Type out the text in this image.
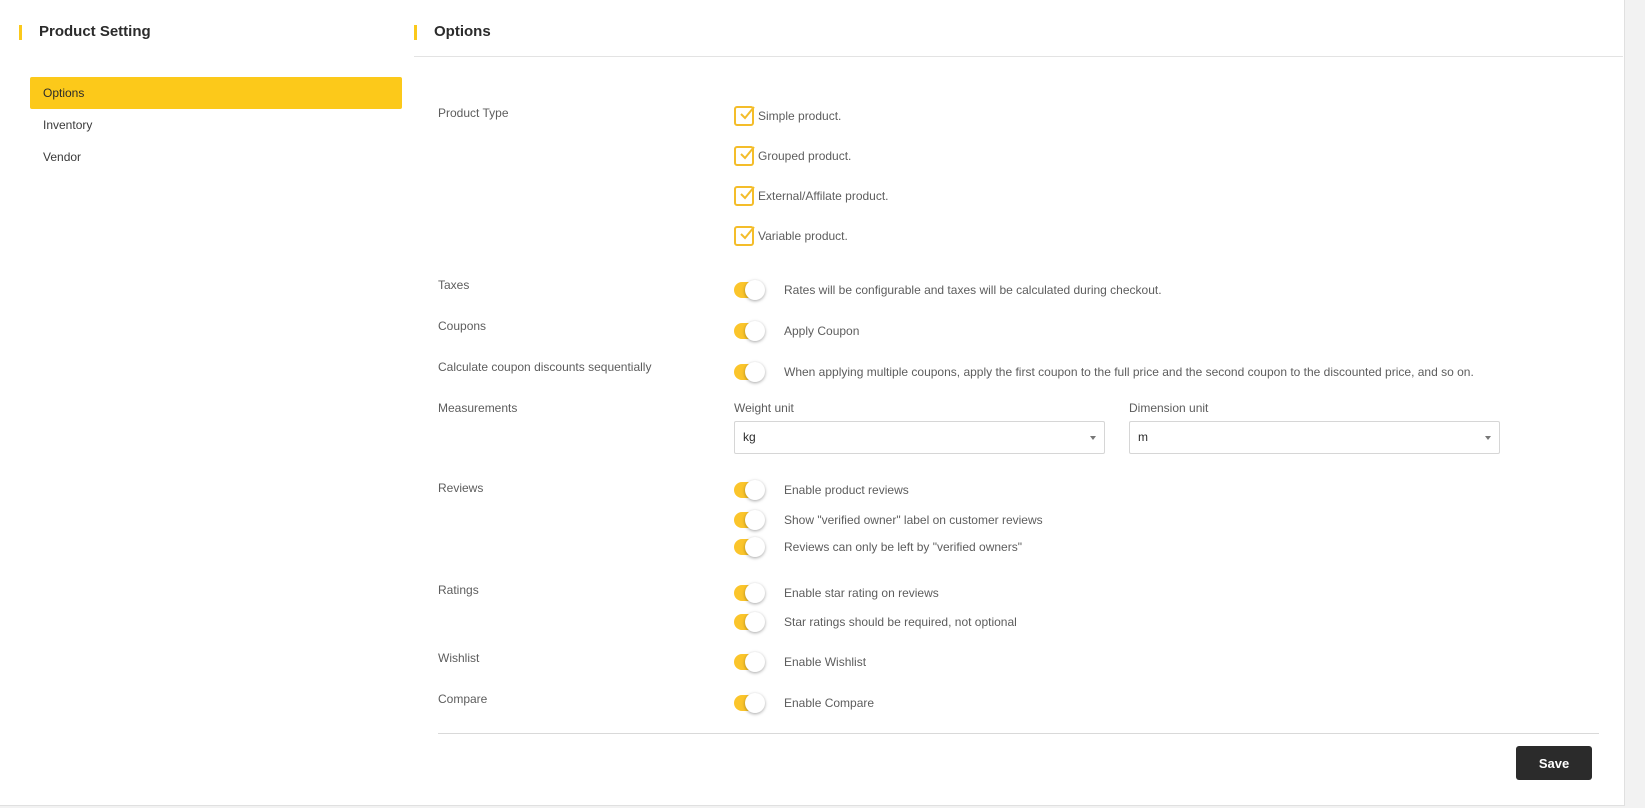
Product Setting	Options
Options
Inventory
Vendor
Product Type	Simple product.
Grouped product.
External/Affilate product.
Variable product.
Taxes	Rates will be configurable and taxes will be calculated during checkout.
Coupons	Apply Coupon
Calculate coupon discounts sequentially	When applying multiple coupons, apply the first coupon to the full price and the second coupon to the discounted price, and so on.
Measurements	Weight unit
kg
Dimension unit
m
Reviews	Enable product reviews
Show "verified owner" label on customer reviews
Reviews can only be left by "verified owners"
Ratings	Enable star rating on reviews
Star ratings should be required, not optional
Wishlist	Enable Wishlist
Compare	Enable Compare
Save
